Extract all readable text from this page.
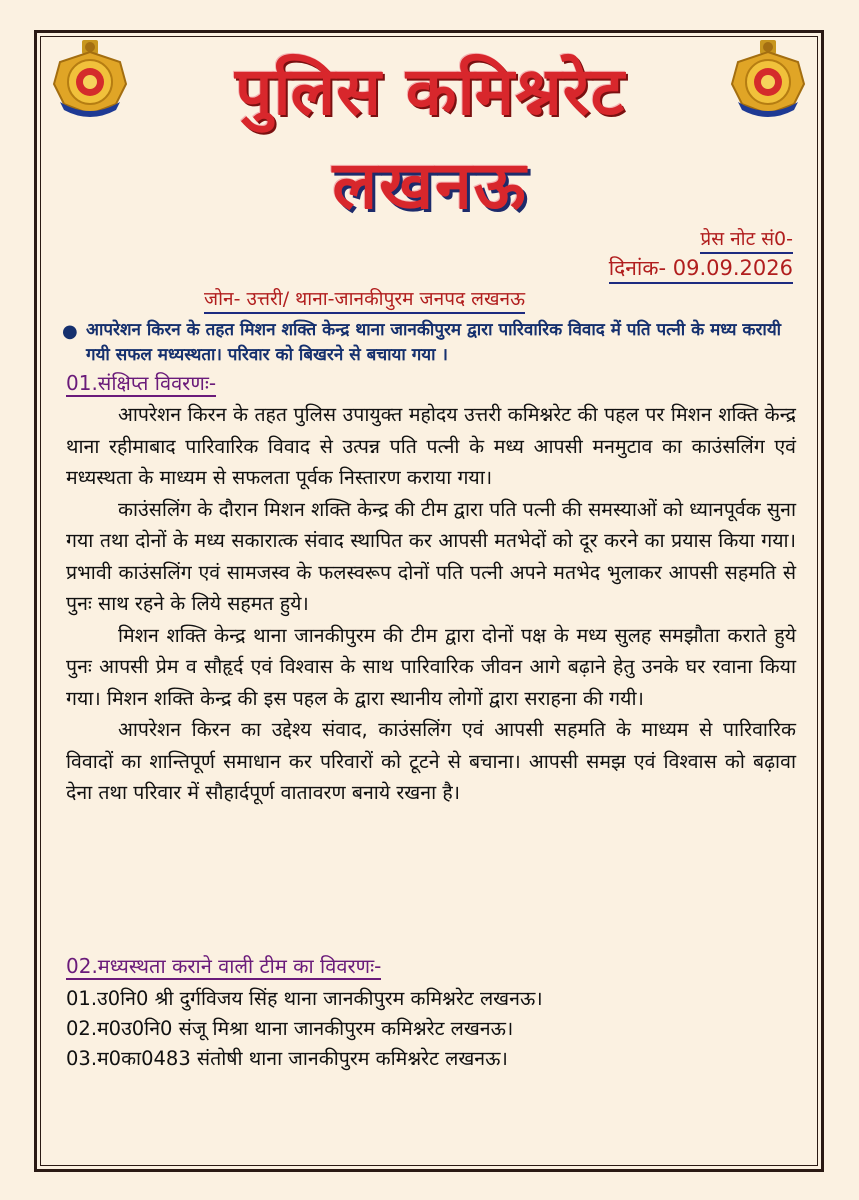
पुलिस कमिश्नरेट
लखनऊ
प्रेस नोट सं0-
दिनांक- 09.09.2026
जोन- उत्तरी/ थाना-जानकीपुरम जनपद लखनऊ
● आपरेशन किरन के तहत मिशन शक्ति केन्द्र थाना जानकीपुरम द्वारा पारिवारिक विवाद में पति पत्नी के मध्य करायी गयी सफल मध्यस्थता। परिवार को बिखरने से बचाया गया ।
01.संक्षिप्त विवरणः-

आपरेशन किरन के तहत पुलिस उपायुक्त महोदय उत्तरी कमिश्नरेट की पहल पर मिशन शक्ति केन्द्र थाना रहीमाबाद पारिवारिक विवाद से उत्पन्न पति पत्नी के मध्य आपसी मनमुटाव का काउंसलिंग एवं मध्यस्थता के माध्यम से सफलता पूर्वक निस्तारण कराया गया।

काउंसलिंग के दौरान मिशन शक्ति केन्द्र की टीम द्वारा पति पत्नी की समस्याओं को ध्यानपूर्वक सुना गया तथा दोनों के मध्य सकारात्क संवाद स्थापित कर आपसी मतभेदों को दूर करने का प्रयास किया गया। प्रभावी काउंसलिंग एवं सामजस्व के फलस्वरूप दोनों पति पत्नी अपने मतभेद भुलाकर आपसी सहमति से पुनः साथ रहने के लिये सहमत हुये।

मिशन शक्ति केन्द्र थाना जानकीपुरम की टीम द्वारा दोनों पक्ष के मध्य सुलह समझौता कराते हुये पुनः आपसी प्रेम व सौहृर्द एवं विश्वास के साथ पारिवारिक जीवन आगे बढ़ाने हेतु उनके घर रवाना किया गया। मिशन शक्ति केन्द्र की इस पहल के द्वारा स्थानीय लोगों द्वारा सराहना की गयी।

आपरेशन किरन का उद्देश्य संवाद, काउंसलिंग एवं आपसी सहमति के माध्यम से पारिवारिक विवादों का शान्तिपूर्ण समाधान कर परिवारों को टूटने से बचाना। आपसी समझ एवं विश्वास को बढ़ावा देना तथा परिवार में सौहार्दपूर्ण वातावरण बनाये रखना है।

02.मध्यस्थता कराने वाली टीम का विवरणः-
01.उ0नि0 श्री दुर्गविजय सिंह थाना जानकीपुरम कमिश्नरेट लखनऊ।
02.म0उ0नि0 संजू मिश्रा थाना जानकीपुरम कमिश्नरेट लखनऊ।
03.म0का0483 संतोषी थाना जानकीपुरम कमिश्नरेट लखनऊ।
